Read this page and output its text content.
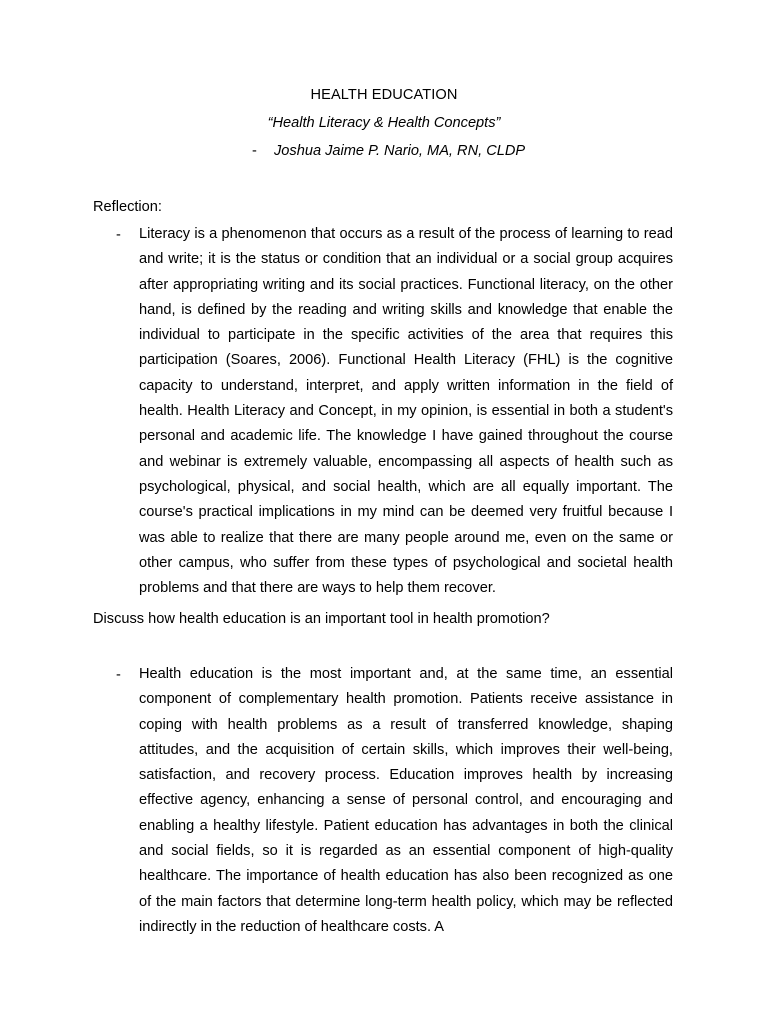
HEALTH EDUCATION
“Health Literacy & Health Concepts”
- Joshua Jaime P. Nario, MA, RN, CLDP
Reflection:
- Literacy is a phenomenon that occurs as a result of the process of learning to read and write; it is the status or condition that an individual or a social group acquires after appropriating writing and its social practices. Functional literacy, on the other hand, is defined by the reading and writing skills and knowledge that enable the individual to participate in the specific activities of the area that requires this participation (Soares, 2006). Functional Health Literacy (FHL) is the cognitive capacity to understand, interpret, and apply written information in the field of health. Health Literacy and Concept, in my opinion, is essential in both a student's personal and academic life. The knowledge I have gained throughout the course and webinar is extremely valuable, encompassing all aspects of health such as psychological, physical, and social health, which are all equally important. The course's practical implications in my mind can be deemed very fruitful because I was able to realize that there are many people around me, even on the same or other campus, who suffer from these types of psychological and societal health problems and that there are ways to help them recover.
Discuss how health education is an important tool in health promotion?
- Health education is the most important and, at the same time, an essential component of complementary health promotion. Patients receive assistance in coping with health problems as a result of transferred knowledge, shaping attitudes, and the acquisition of certain skills, which improves their well-being, satisfaction, and recovery process. Education improves health by increasing effective agency, enhancing a sense of personal control, and encouraging and enabling a healthy lifestyle. Patient education has advantages in both the clinical and social fields, so it is regarded as an essential component of high-quality healthcare. The importance of health education has also been recognized as one of the main factors that determine long-term health policy, which may be reflected indirectly in the reduction of healthcare costs. A
